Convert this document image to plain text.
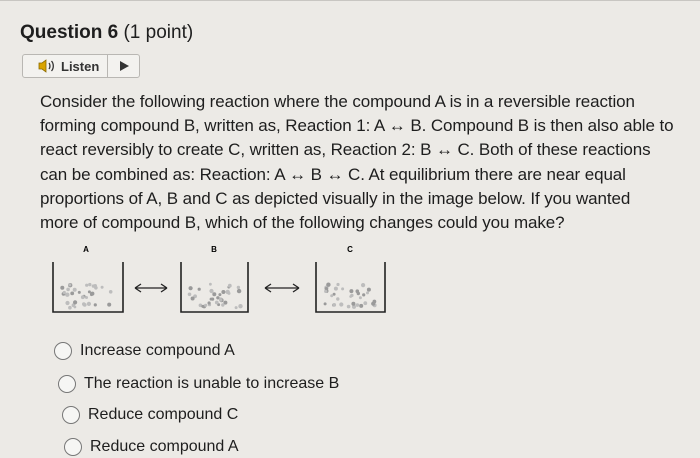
Question 6 (1 point)
Listen
Consider the following reaction where the compound A is in a reversible reaction
forming compound B, written as, Reaction 1: A ↔ B. Compound B is then also able to
react reversibly to create C, written as, Reaction 2: B ↔ C. Both of these reactions
can be combined as: Reaction: A ↔ B ↔ C. At equilibrium there are near equal
proportions of A, B and C as depicted visually in the image below. If you wanted
more of compound B, which of the following changes could you make?
A	B	C
Increase compound A
The reaction is unable to increase B
Reduce compound C
Reduce compound A
